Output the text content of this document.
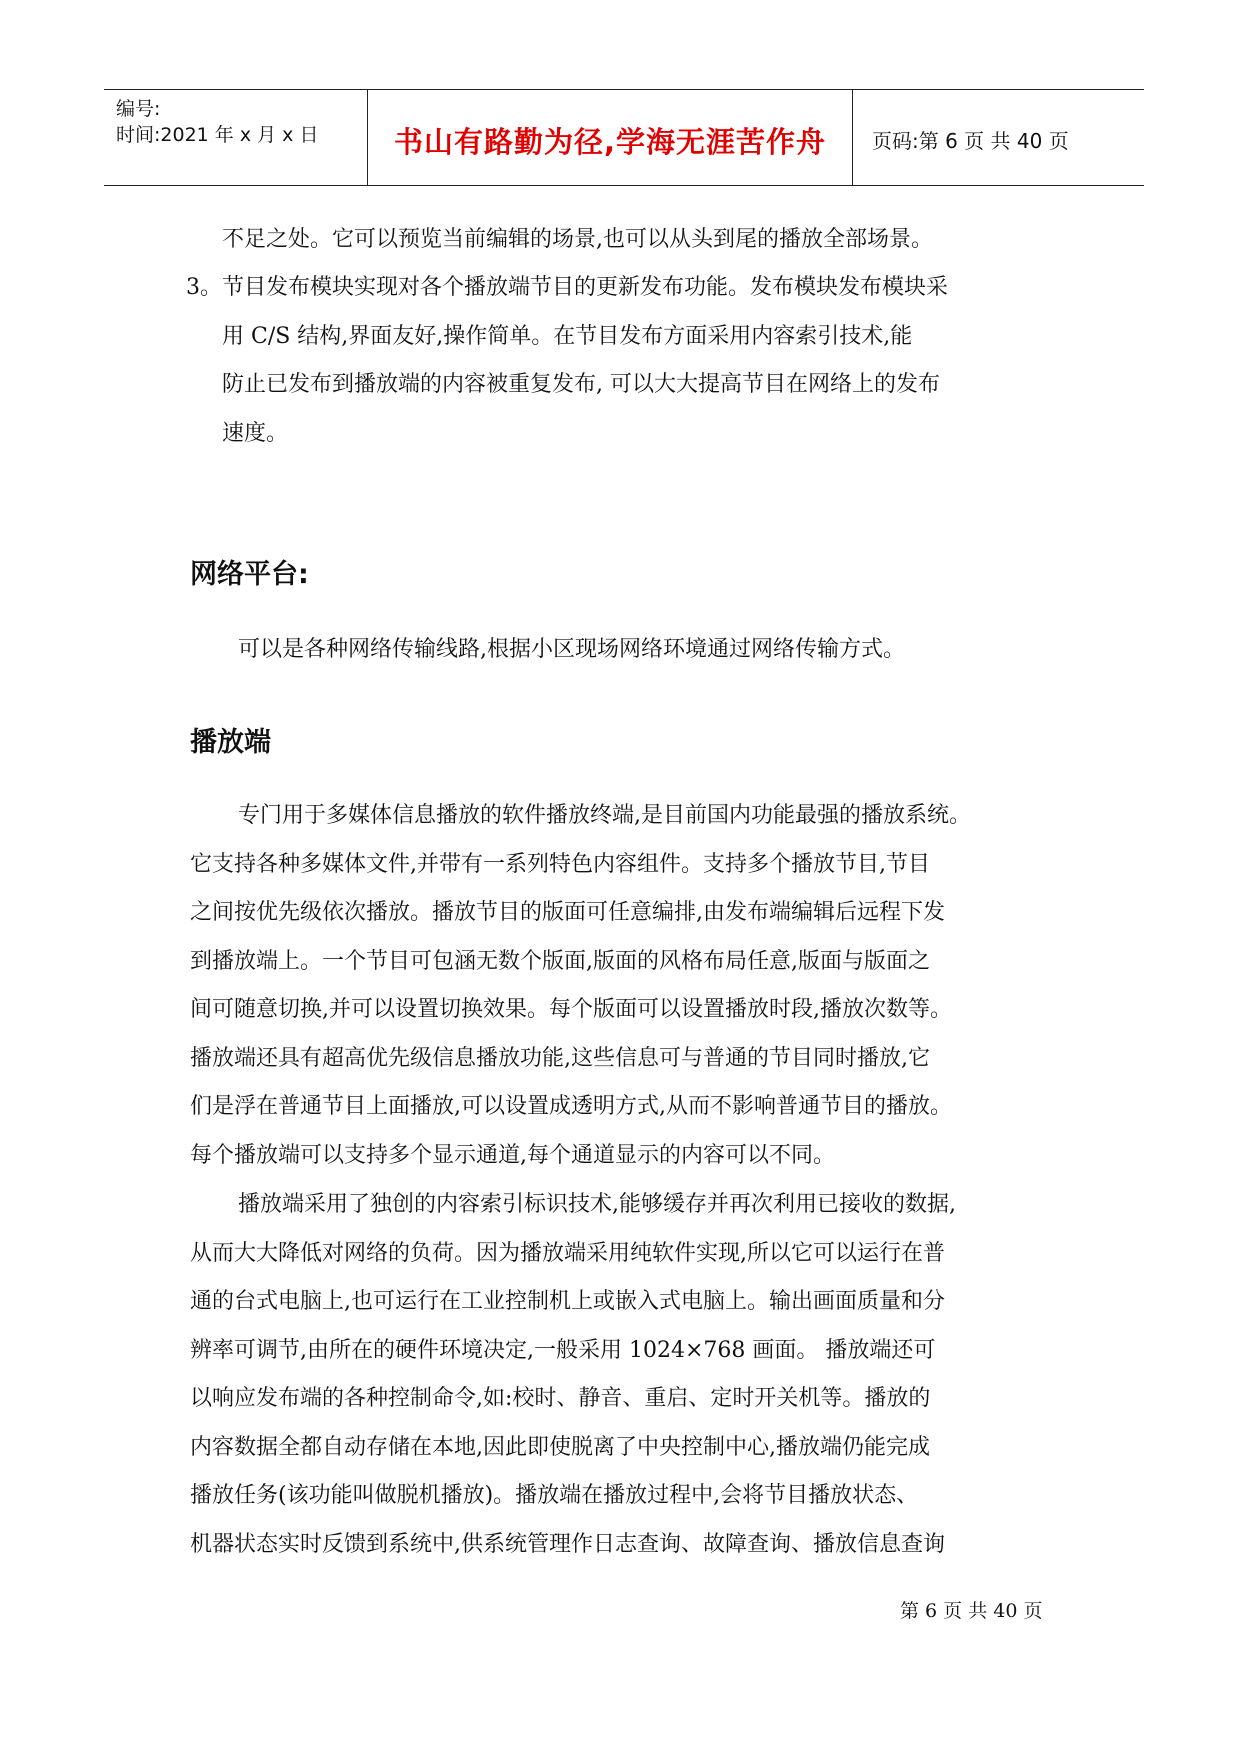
编号:
时间:2021 年 x 月 x 日	书山有路勤为径,学海无涯苦作舟	页码:第 6 页 共 40 页
不足之处。它可以预览当前编辑的场景,也可以从头到尾的播放全部场景。
3。 节目发布模块实现对各个播放端节目的更新发布功能。发布模块发布模块采
用 C/S 结构,界面友好,操作简单。在节目发布方面采用内容索引技术,能
防止已发布到播放端的内容被重复发布, 可以大大提高节目在网络上的发布
速度。
网络平台:
可以是各种网络传输线路,根据小区现场网络环境通过网络传输方式。
播放端
专门用于多媒体信息播放的软件播放终端,是目前国内功能最强的播放系统。
它支持各种多媒体文件,并带有一系列特色内容组件。支持多个播放节目,节目
之间按优先级依次播放。播放节目的版面可任意编排,由发布端编辑后远程下发
到播放端上。一个节目可包涵无数个版面,版面的风格布局任意,版面与版面之
间可随意切换,并可以设置切换效果。每个版面可以设置播放时段,播放次数等。
播放端还具有超高优先级信息播放功能,这些信息可与普通的节目同时播放,它
们是浮在普通节目上面播放,可以设置成透明方式,从而不影响普通节目的播放。
每个播放端可以支持多个显示通道,每个通道显示的内容可以不同。
播放端采用了独创的内容索引标识技术,能够缓存并再次利用已接收的数据,
从而大大降低对网络的负荷。因为播放端采用纯软件实现,所以它可以运行在普
通的台式电脑上,也可运行在工业控制机上或嵌入式电脑上。输出画面质量和分
辨率可调节,由所在的硬件环境决定,一般采用 1024×768 画面。 播放端还可
以响应发布端的各种控制命令,如:校时、静音、重启、定时开关机等。播放的
内容数据全都自动存储在本地,因此即使脱离了中央控制中心,播放端仍能完成
播放任务(该功能叫做脱机播放)。播放端在播放过程中,会将节目播放状态、
机器状态实时反馈到系统中,供系统管理作日志查询、故障查询、播放信息查询
第 6 页 共 40 页
